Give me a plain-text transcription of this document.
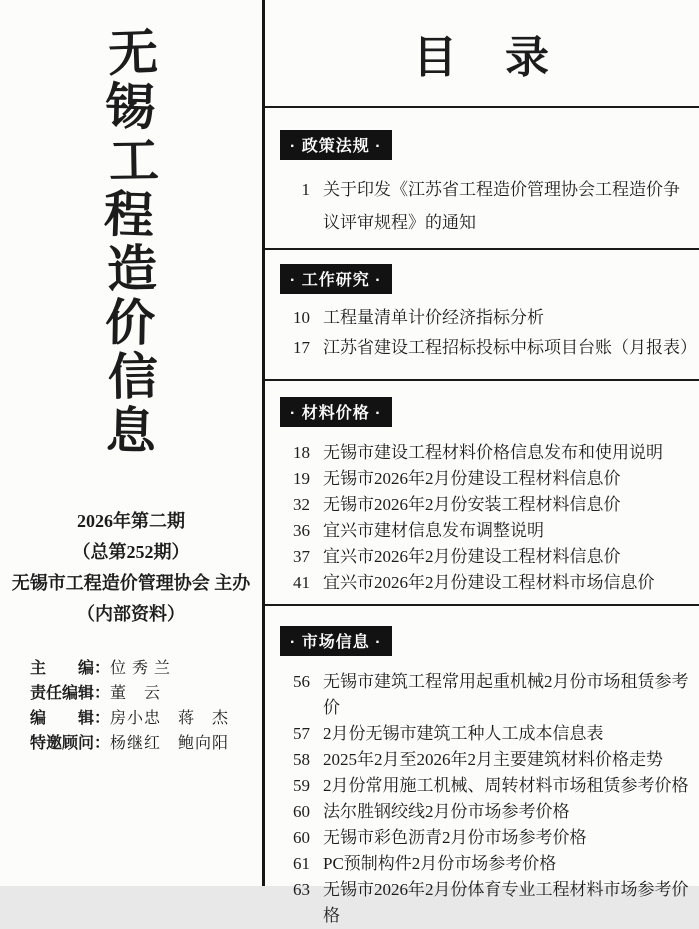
无
锡
工
程
造
价
信
息
2026年第二期
（总第252期）
无锡市工程造价管理协会 主办
（内部资料）
主　　编：位 秀 兰
责任编辑：董　云
编　　辑：房小忠　蒋　杰
特邀顾问：杨继红　鲍向阳
目　录
· 政策法规 ·
1 关于印发《江苏省工程造价管理协会工程造价争议评审规程》的通知
· 工作研究 ·
10 工程量清单计价经济指标分析
17 江苏省建设工程招标投标中标项目台账（月报表）
· 材料价格 ·
18 无锡市建设工程材料价格信息发布和使用说明
19 无锡市2026年2月份建设工程材料信息价
32 无锡市2026年2月份安装工程材料信息价
36 宜兴市建材信息发布调整说明
37 宜兴市2026年2月份建设工程材料信息价
41 宜兴市2026年2月份建设工程材料市场信息价
· 市场信息 ·
56 无锡市建筑工程常用起重机械2月份市场租赁参考价
57 2月份无锡市建筑工种人工成本信息表
58 2025年2月至2026年2月主要建筑材料价格走势
59 2月份常用施工机械、周转材料市场租赁参考价格
60 法尔胜钢绞线2月份市场参考价格
60 无锡市彩色沥青2月份市场参考价格
61 PC预制构件2月份市场参考价格
63 无锡市2026年2月份体育专业工程材料市场参考价格
